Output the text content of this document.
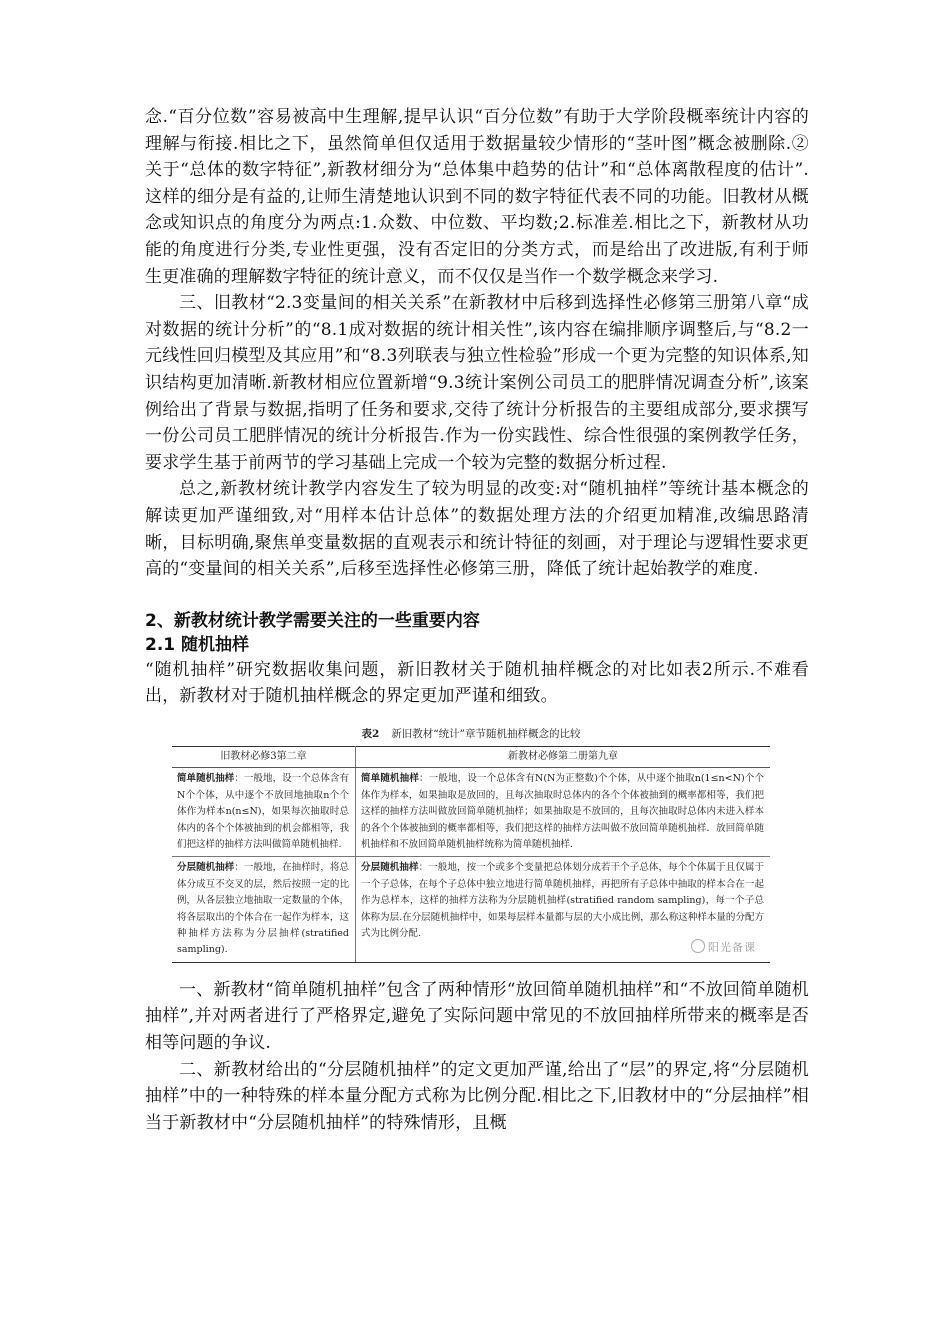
念.“百分位数”容易被高中生理解,提早认识“百分位数”有助于大学阶段概率统计内容的理解与衔接.相比之下，虽然简单但仅适用于数据量较少情形的“茎叶图”概念被删除.②关于“总体的数字特征”,新教材细分为“总体集中趋势的估计”和“总体离散程度的估计”.这样的细分是有益的,让师生清楚地认识到不同的数字特征代表不同的功能。旧教材从概念或知识点的角度分为两点:1.众数、中位数、平均数;2.标准差.相比之下，新教材从功能的角度进行分类,专业性更强，没有否定旧的分类方式，而是给出了改进版,有利于师生更准确的理解数字特征的统计意义，而不仅仅是当作一个数学概念来学习.

三、旧教材“2.3变量间的相关关系”在新教材中后移到选择性必修第三册第八章“成对数据的统计分析”的“8.1成对数据的统计相关性”,该内容在编排顺序调整后,与“8.2一元线性回归模型及其应用”和“8.3列联表与独立性检验”形成一个更为完整的知识体系,知识结构更加清晰.新教材相应位置新增“9.3统计案例公司员工的肥胖情况调查分析”,该案例给出了背景与数据,指明了任务和要求,交待了统计分析报告的主要组成部分,要求撰写一份公司员工肥胖情况的统计分析报告.作为一份实践性、综合性很强的案例教学任务，要求学生基于前两节的学习基础上完成一个较为完整的数据分析过程.

总之,新教材统计教学内容发生了较为明显的改变:对“随机抽样”等统计基本概念的解读更加严谨细致,对“用样本估计总体”的数据处理方法的介绍更加精准,改编思路清晰，目标明确,聚焦单变量数据的直观表示和统计特征的刻画，对于理论与逻辑性要求更高的“变量间的相关关系”,后移至选择性必修第三册，降低了统计起始教学的难度.

2、新教材统计教学需要关注的一些重要内容
2.1 随机抽样

“随机抽样”研究数据收集问题，新旧教材关于随机抽样概念的对比如表2所示.不难看出，新教材对于随机抽样概念的界定更加严谨和细致。

表2 新旧教材“统计”章节随机抽样概念的比较
旧教材必修3第二章	新教材必修第二册第九章
简单随机抽样：一般地，设一个总体含有N个个体，从中逐个不放回地抽取n个个体作为样本n(n≤N)，如果每次抽取时总体内的各个个体被抽到的机会都相等，我们把这样的抽样方法叫做简单随机抽样.	简单随机抽样：一般地，设一个总体含有N(N为正整数)个个体，从中逐个抽取n(1≤n<N)个个体作为样本，如果抽取是放回的，且每次抽取时总体内的各个个体被抽到的概率都相等，我们把这样的抽样方法叫做放回简单随机抽样；如果抽取是不放回的，且每次抽取时总体内未进入样本的各个个体被抽到的概率都相等，我们把这样的抽样方法叫做不放回简单随机抽样．放回简单随机抽样和不放回简单随机抽样统称为简单随机抽样.
分层随机抽样：一般地，在抽样时，将总体分成互不交叉的层，然后按照一定的比例，从各层独立地抽取一定数量的个体，将各层取出的个体合在一起作为样本，这种抽样方法称为分层抽样(stratified sampling).	分层随机抽样：一般地，按一个或多个变量把总体划分成若干个子总体，每个个体属于且仅属于一个子总体，在每个子总体中独立地进行简单随机抽样，再把所有子总体中抽取的样本合在一起作为总样本，这样的抽样方法称为分层随机抽样(stratified random sampling)，每一个子总体称为层.在分层随机抽样中，如果每层样本量都与层的大小成比例，那么称这种样本量的分配方式为比例分配.
阳光备课

一、新教材“简单随机抽样”包含了两种情形“放回简单随机抽样”和“不放回简单随机抽样”,并对两者进行了严格界定,避免了实际问题中常见的不放回抽样所带来的概率是否相等问题的争议.

二、新教材给出的“分层随机抽样”的定文更加严谨,给出了“层”的界定,将“分层随机抽样”中的一种特殊的样本量分配方式称为比例分配.相比之下,旧教材中的“分层抽样”相当于新教材中“分层随机抽样”的特殊情形，且概
